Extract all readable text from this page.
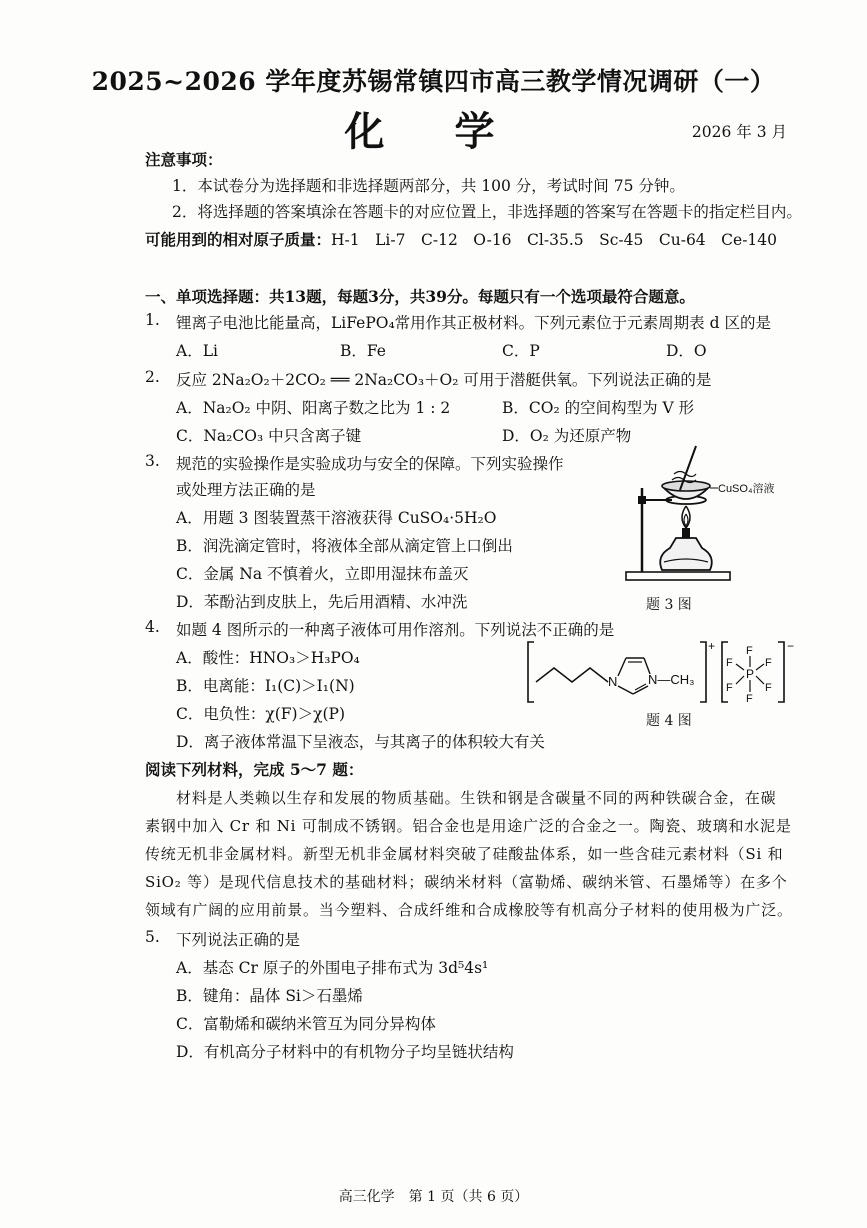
2025~2026 学年度苏锡常镇四市高三教学情况调研（一）
化 学	2026 年 3 月
注意事项：
1．本试卷分为选择题和非选择题两部分，共 100 分，考试时间 75 分钟。
2．将选择题的答案填涂在答题卡的对应位置上，非选择题的答案写在答题卡的指定栏目内。
可能用到的相对原子质量：H-1　Li-7　C-12　O-16　Cl-35.5　Sc-45　Cu-64　Ce-140
一、单项选择题：共13题，每题3分，共39分。每题只有一个选项最符合题意。
1. 锂离子电池比能量高，LiFePO₄常用作其正极材料。下列元素位于元素周期表 d 区的是
A．Li	B．Fe	C．P	D．O
2. 反应 2Na₂O₂＋2CO₂ ══ 2Na₂CO₃＋O₂ 可用于潜艇供氧。下列说法正确的是
A．Na₂O₂ 中阴、阳离子数之比为 1 : 2	B．CO₂ 的空间构型为 V 形
C．Na₂CO₃ 中只含离子键	D．O₂ 为还原产物
3. 规范的实验操作是实验成功与安全的保障。下列实验操作
或处理方法正确的是
A．用题 3 图装置蒸干溶液获得 CuSO₄·5H₂O
B．润洗滴定管时，将液体全部从滴定管上口倒出
C．金属 Na 不慎着火，立即用湿抹布盖灭
D．苯酚沾到皮肤上，先后用酒精、水冲洗
CuSO₄溶液
题 3 图
4. 如题 4 图所示的一种离子液体可用作溶剂。下列说法不正确的是
A．酸性：HNO₃＞H₃PO₄
B．电离能：I₁(C)＞I₁(N)
C．电负性：χ(F)＞χ(P)
D．离子液体常温下呈液态，与其离子的体积较大有关
N N—CH₃
+
P
F
F
F
F
F
F
−
题 4 图
阅读下列材料，完成 5～7 题：
材料是人类赖以生存和发展的物质基础。生铁和钢是含碳量不同的两种铁碳合金，在碳
素钢中加入 Cr 和 Ni 可制成不锈钢。铝合金也是用途广泛的合金之一。陶瓷、玻璃和水泥是
传统无机非金属材料。新型无机非金属材料突破了硅酸盐体系，如一些含硅元素材料（Si 和
SiO₂ 等）是现代信息技术的基础材料；碳纳米材料（富勒烯、碳纳米管、石墨烯等）在多个
领域有广阔的应用前景。当今塑料、合成纤维和合成橡胶等有机高分子材料的使用极为广泛。
5. 下列说法正确的是
A．基态 Cr 原子的外围电子排布式为 3d⁵4s¹
B．键角：晶体 Si＞石墨烯
C．富勒烯和碳纳米管互为同分异构体
D．有机高分子材料中的有机物分子均呈链状结构
高三化学　第 1 页（共 6 页）
